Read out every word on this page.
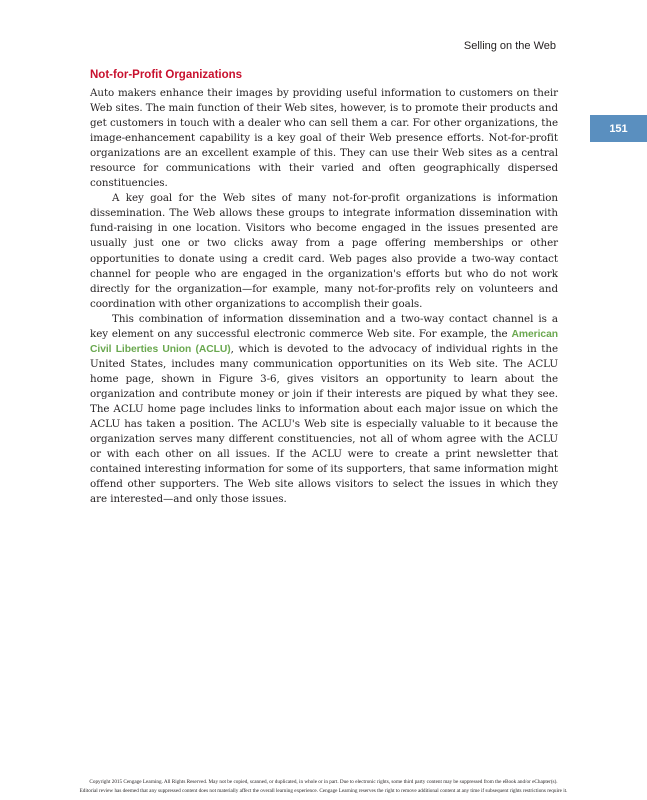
Selling on the Web
151
Not-for-Profit Organizations

Auto makers enhance their images by providing useful information to customers on their Web sites. The main function of their Web sites, however, is to promote their products and get customers in touch with a dealer who can sell them a car. For other organizations, the image-enhancement capability is a key goal of their Web presence efforts. Not-for-profit organizations are an excellent example of this. They can use their Web sites as a central resource for communications with their varied and often geographically dispersed constituencies.

A key goal for the Web sites of many not-for-profit organizations is information dissemination. The Web allows these groups to integrate information dissemination with fund-raising in one location. Visitors who become engaged in the issues presented are usually just one or two clicks away from a page offering memberships or other opportunities to donate using a credit card. Web pages also provide a two-way contact channel for people who are engaged in the organization's efforts but who do not work directly for the organization—for example, many not-for-profits rely on volunteers and coordination with other organizations to accomplish their goals.

This combination of information dissemination and a two-way contact channel is a key element on any successful electronic commerce Web site. For example, the American Civil Liberties Union (ACLU), which is devoted to the advocacy of individual rights in the United States, includes many communication opportunities on its Web site. The ACLU home page, shown in Figure 3-6, gives visitors an opportunity to learn about the organization and contribute money or join if their interests are piqued by what they see. The ACLU home page includes links to information about each major issue on which the ACLU has taken a position. The ACLU's Web site is especially valuable to it because the organization serves many different constituencies, not all of whom agree with the ACLU or with each other on all issues. If the ACLU were to create a print newsletter that contained interesting information for some of its supporters, that same information might offend other supporters. The Web site allows visitors to select the issues in which they are interested—and only those issues.

Copyright 2015 Cengage Learning. All Rights Reserved. May not be copied, scanned, or duplicated, in whole or in part. Due to electronic rights, some third party content may be suppressed from the eBook and/or eChapter(s).
Editorial review has deemed that any suppressed content does not materially affect the overall learning experience. Cengage Learning reserves the right to remove additional content at any time if subsequent rights restrictions require it.
